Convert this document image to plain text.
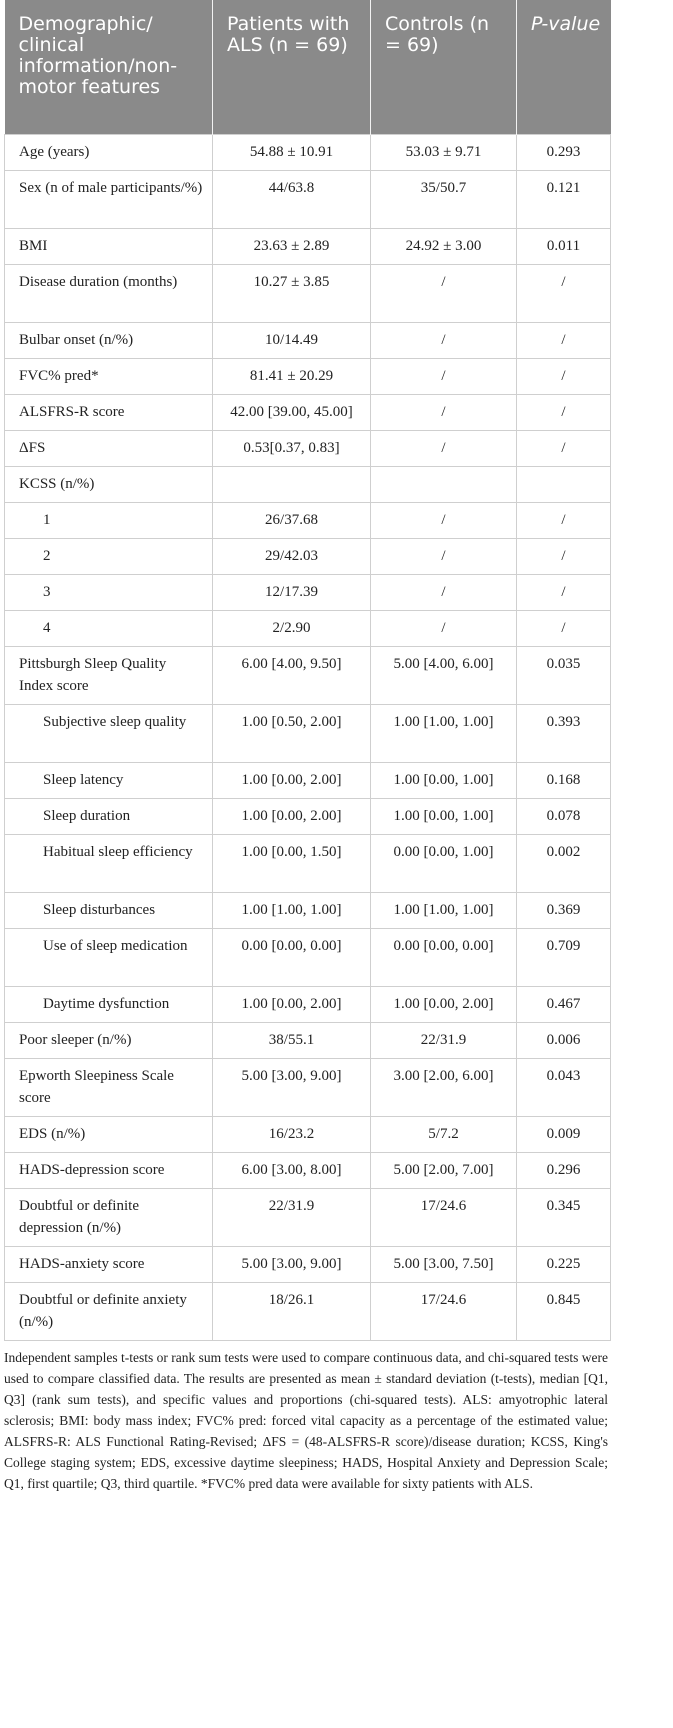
Demographic/ clinical information/non-motor features	Patients with ALS (n = 69)	Controls (n = 69)	P-value
Age (years)	54.88 ± 10.91	53.03 ± 9.71	0.293
Sex (n of male participants/%)	44/63.8	35/50.7	0.121
BMI	23.63 ± 2.89	24.92 ± 3.00	0.011
Disease duration (months)	10.27 ± 3.85	/	/
Bulbar onset (n/%)	10/14.49	/	/
FVC% pred*	81.41 ± 20.29	/	/
ALSFRS-R score	42.00 [39.00, 45.00]	/	/
ΔFS	0.53[0.37, 0.83]	/	/
KCSS (n/%)			
1	26/37.68	/	/
2	29/42.03	/	/
3	12/17.39	/	/
4	2/2.90	/	/
Pittsburgh Sleep Quality Index score	6.00 [4.00, 9.50]	5.00 [4.00, 6.00]	0.035
Subjective sleep quality	1.00 [0.50, 2.00]	1.00 [1.00, 1.00]	0.393
Sleep latency	1.00 [0.00, 2.00]	1.00 [0.00, 1.00]	0.168
Sleep duration	1.00 [0.00, 2.00]	1.00 [0.00, 1.00]	0.078
Habitual sleep efficiency	1.00 [0.00, 1.50]	0.00 [0.00, 1.00]	0.002
Sleep disturbances	1.00 [1.00, 1.00]	1.00 [1.00, 1.00]	0.369
Use of sleep medication	0.00 [0.00, 0.00]	0.00 [0.00, 0.00]	0.709
Daytime dysfunction	1.00 [0.00, 2.00]	1.00 [0.00, 2.00]	0.467
Poor sleeper (n/%)	38/55.1	22/31.9	0.006
Epworth Sleepiness Scale score	5.00 [3.00, 9.00]	3.00 [2.00, 6.00]	0.043
EDS (n/%)	16/23.2	5/7.2	0.009
HADS-depression score	6.00 [3.00, 8.00]	5.00 [2.00, 7.00]	0.296
Doubtful or definite depression (n/%)	22/31.9	17/24.6	0.345
HADS-anxiety score	5.00 [3.00, 9.00]	5.00 [3.00, 7.50]	0.225
Doubtful or definite anxiety (n/%)	18/26.1	17/24.6	0.845
Independent samples t-tests or rank sum tests were used to compare continuous data, and chi-squared tests were used to compare classified data. The results are presented as mean ± standard deviation (t-tests), median [Q1, Q3] (rank sum tests), and specific values and proportions (chi-squared tests). ALS: amyotrophic lateral sclerosis; BMI: body mass index; FVC% pred: forced vital capacity as a percentage of the estimated value; ALSFRS-R: ALS Functional Rating-Revised; ΔFS = (48-ALSFRS-R score)/disease duration; KCSS, King's College staging system; EDS, excessive daytime sleepiness; HADS, Hospital Anxiety and Depression Scale; Q1, first quartile; Q3, third quartile. *FVC% pred data were available for sixty patients with ALS.
